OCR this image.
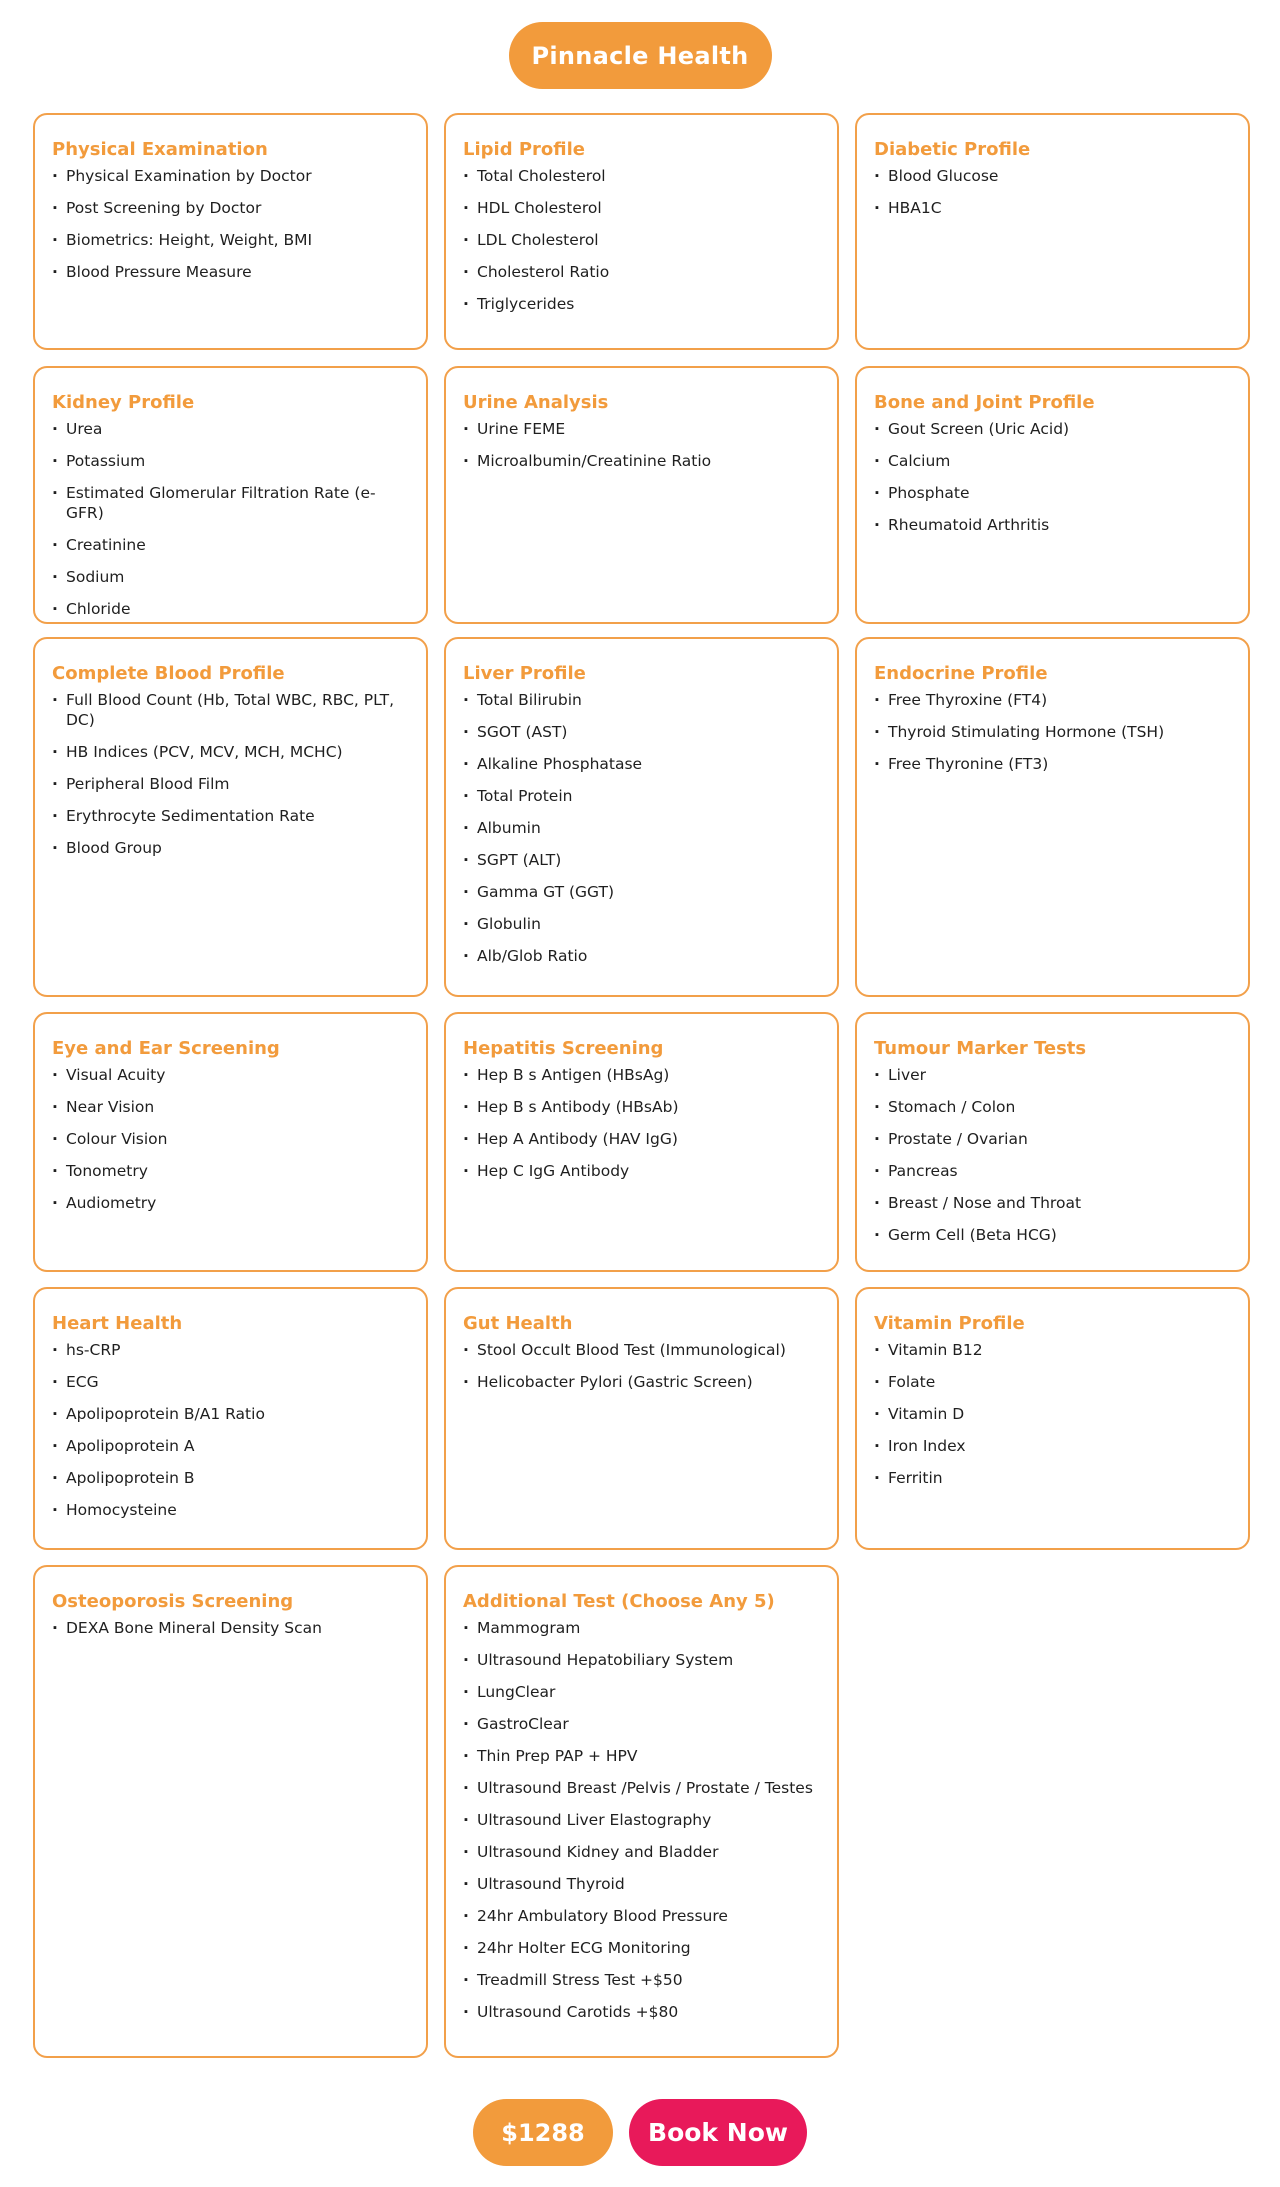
Pinnacle Health
Physical Examination
· Physical Examination by Doctor
· Post Screening by Doctor
· Biometrics: Height, Weight, BMI
· Blood Pressure Measure
Lipid Profile
· Total Cholesterol
· HDL Cholesterol
· LDL Cholesterol
· Cholesterol Ratio
· Triglycerides
Diabetic Profile
· Blood Glucose
· HBA1C
Kidney Profile
· Urea
· Potassium
· Estimated Glomerular Filtration Rate (e-GFR)
· Creatinine
· Sodium
· Chloride
Urine Analysis
· Urine FEME
· Microalbumin/Creatinine Ratio
Bone and Joint Profile
· Gout Screen (Uric Acid)
· Calcium
· Phosphate
· Rheumatoid Arthritis
Complete Blood Profile
· Full Blood Count (Hb, Total WBC, RBC, PLT, DC)
· HB Indices (PCV, MCV, MCH, MCHC)
· Peripheral Blood Film
· Erythrocyte Sedimentation Rate
· Blood Group
Liver Profile
· Total Bilirubin
· SGOT (AST)
· Alkaline Phosphatase
· Total Protein
· Albumin
· SGPT (ALT)
· Gamma GT (GGT)
· Globulin
· Alb/Glob Ratio
Endocrine Profile
· Free Thyroxine (FT4)
· Thyroid Stimulating Hormone (TSH)
· Free Thyronine (FT3)
Eye and Ear Screening
· Visual Acuity
· Near Vision
· Colour Vision
· Tonometry
· Audiometry
Hepatitis Screening
· Hep B s Antigen (HBsAg)
· Hep B s Antibody (HBsAb)
· Hep A Antibody (HAV IgG)
· Hep C IgG Antibody
Tumour Marker Tests
· Liver
· Stomach / Colon
· Prostate / Ovarian
· Pancreas
· Breast / Nose and Throat
· Germ Cell (Beta HCG)
Heart Health
· hs-CRP
· ECG
· Apolipoprotein B/A1 Ratio
· Apolipoprotein A
· Apolipoprotein B
· Homocysteine
Gut Health
· Stool Occult Blood Test (Immunological)
· Helicobacter Pylori (Gastric Screen)
Vitamin Profile
· Vitamin B12
· Folate
· Vitamin D
· Iron Index
· Ferritin
Osteoporosis Screening
· DEXA Bone Mineral Density Scan
Additional Test (Choose Any 5)
· Mammogram
· Ultrasound Hepatobiliary System
· LungClear
· GastroClear
· Thin Prep PAP + HPV
· Ultrasound Breast /Pelvis / Prostate / Testes
· Ultrasound Liver Elastography
· Ultrasound Kidney and Bladder
· Ultrasound Thyroid
· 24hr Ambulatory Blood Pressure
· 24hr Holter ECG Monitoring
· Treadmill Stress Test +$50
· Ultrasound Carotids +$80
$1288	Book Now
